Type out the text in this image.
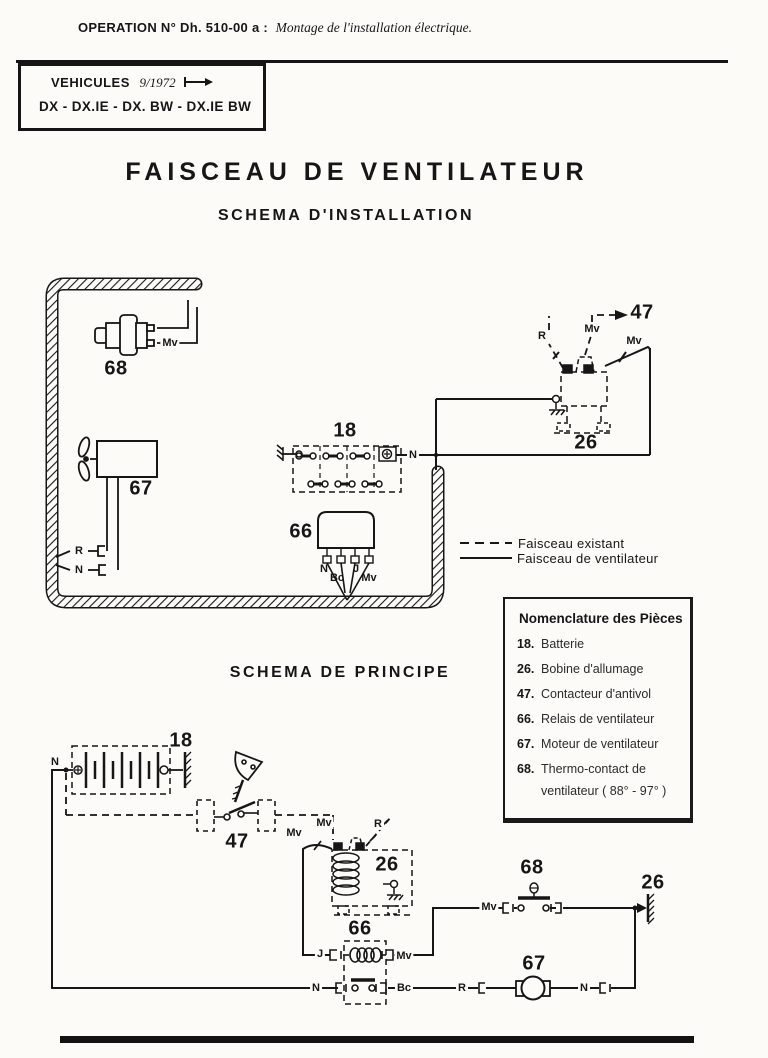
OPERATION N° Dh. 510-00 a : Montage de l'installation électrique.
VEHICULES 9/1972
DX - DX.IE - DX. BW - DX.IE BW
FAISCEAU DE VENTILATEUR
SCHEMA D'INSTALLATION
SCHEMA DE PRINCIPE
Faisceau existant
Faisceau de ventilateur
Nomenclature des Pièces
18. Batterie
26. Bobine d'allumage
47. Contacteur d'antivol
66. Relais de ventilateur
67. Moteur de ventilateur
68. Thermo-contact de
ventilateur ( 88° - 97° )
Mv
68
67
R
N
18
N
66
N
Bc
J
Mv
26
R
Mv
47
Mv
N
18
47	Mv
Mv	R
26
66
J	Mv
N	Bc	R
67
N
68
26
Mv
